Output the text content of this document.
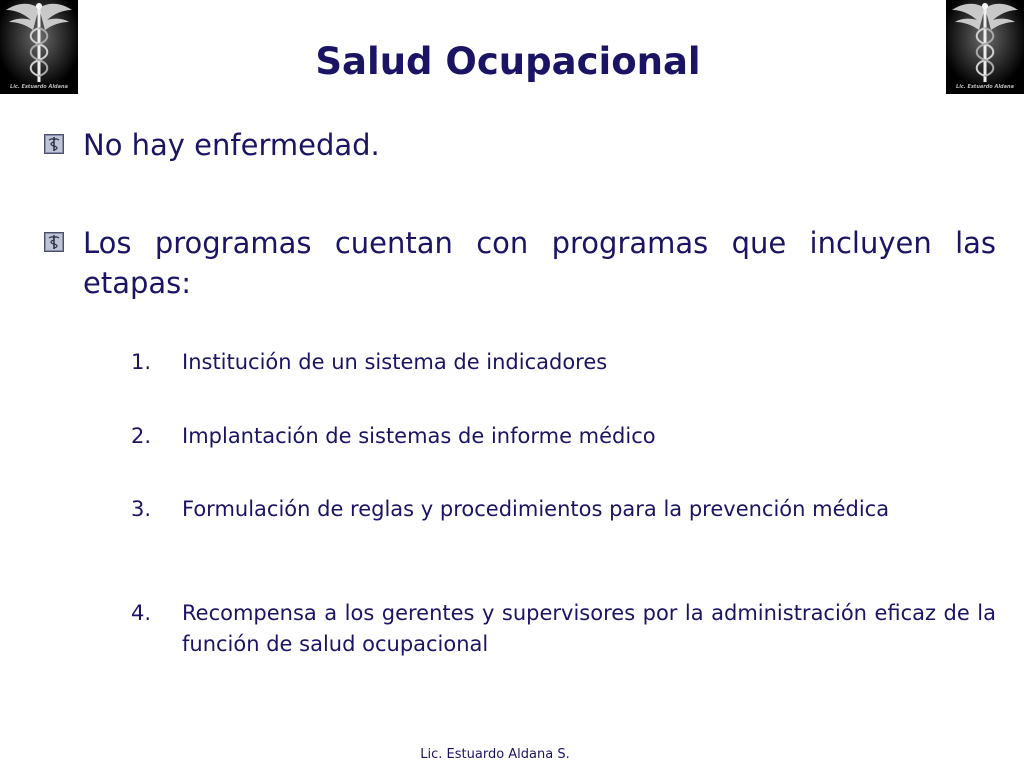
Lic. Estuardo Aldana	Lic. Estuardo Aldana
Salud Ocupacional
No hay enfermedad.
Los programas cuentan con programas que incluyen las etapas:
1.	Institución de un sistema de indicadores
2.	Implantación de sistemas de informe médico
3.	Formulación de reglas y procedimientos para la prevención médica
4.	Recompensa a los gerentes y supervisores por la administración eficaz de la función de salud ocupacional
Lic. Estuardo Aldana S.
